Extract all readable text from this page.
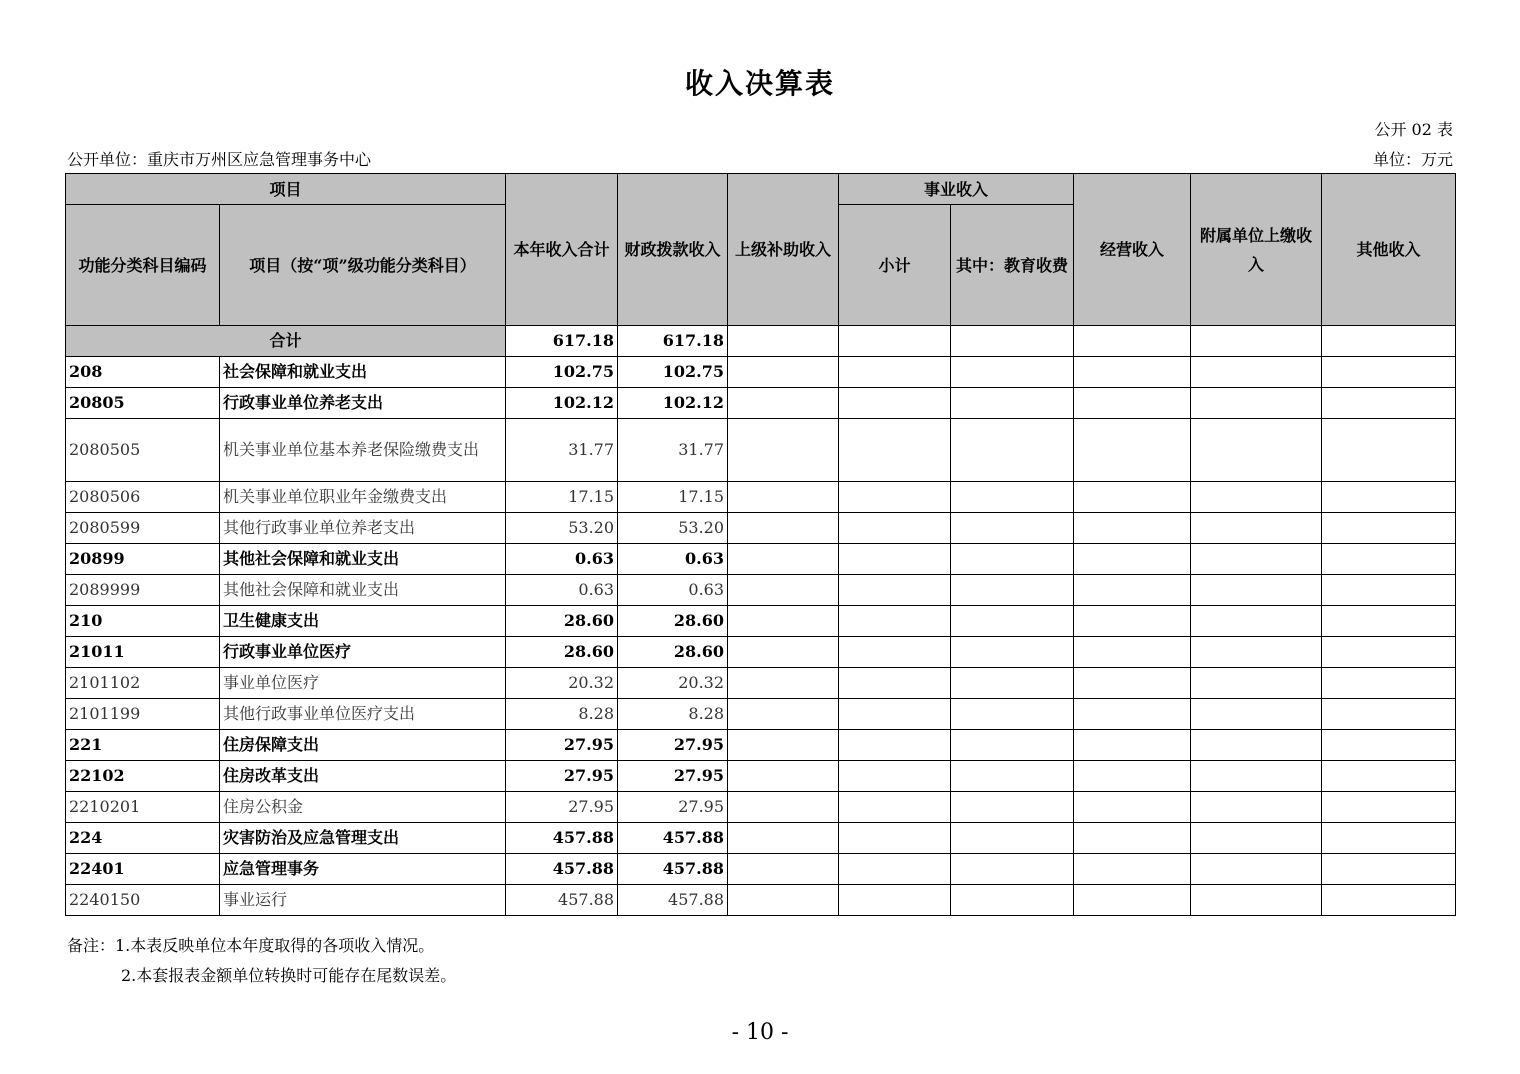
收入决算表
公开 02 表
公开单位：重庆市万州区应急管理事务中心	单位：万元
项目		本年收入合计	财政拨款收入	上级补助收入	事业收入		经营收入	附属单位上缴收入	其他收入
功能分类科目编码	项目（按“项”级功能分类科目）				小计	其中：教育收费			
合计		617.18	617.18						
208	社会保障和就业支出	102.75	102.75						
20805	行政事业单位养老支出	102.12	102.12						
2080505	机关事业单位基本养老保险缴费支出	31.77	31.77						
2080506	机关事业单位职业年金缴费支出	17.15	17.15						
2080599	其他行政事业单位养老支出	53.20	53.20						
20899	其他社会保障和就业支出	0.63	0.63						
2089999	其他社会保障和就业支出	0.63	0.63						
210	卫生健康支出	28.60	28.60						
21011	行政事业单位医疗	28.60	28.60						
2101102	事业单位医疗	20.32	20.32						
2101199	其他行政事业单位医疗支出	8.28	8.28						
221	住房保障支出	27.95	27.95						
22102	住房改革支出	27.95	27.95						
2210201	住房公积金	27.95	27.95						
224	灾害防治及应急管理支出	457.88	457.88						
22401	应急管理事务	457.88	457.88						
2240150	事业运行	457.88	457.88						
备注：1.本表反映单位本年度取得的各项收入情况。
2.本套报表金额单位转换时可能存在尾数误差。
- 10 -
